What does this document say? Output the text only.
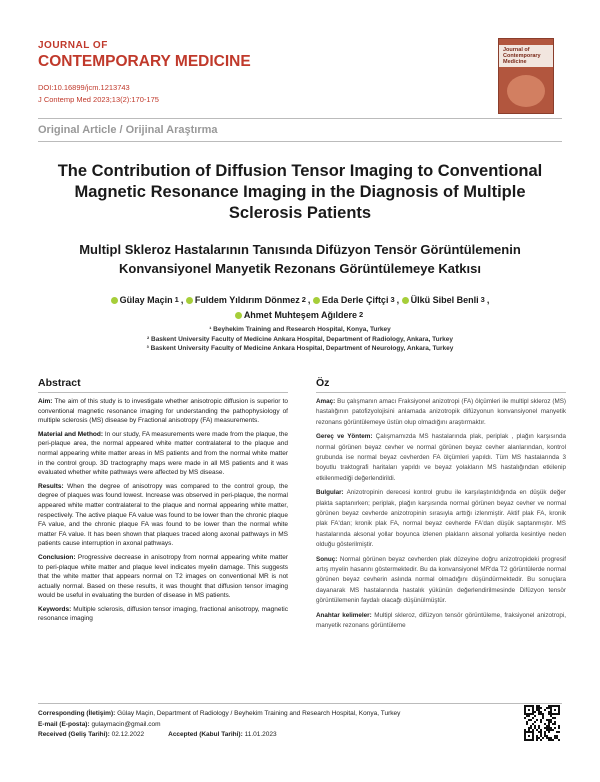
JOURNAL OF
CONTEMPORARY MEDICINE
DOI:10.16899/jcm.1213743
J Contemp Med 2023;13(2):170-175
Journal of Contemporary Medicine
Original Article / Orijinal Araştırma
The Contribution of Diffusion Tensor Imaging to Conventional Magnetic Resonance Imaging in the Diagnosis of Multiple Sclerosis Patients
Multipl Skleroz Hastalarının Tanısında Difüzyon Tensör Görüntülemenin Konvansiyonel Manyetik Rezonans Görüntülemeye Katkısı
Gülay Maçin 1 ,
Fuldem Yıldırım Dönmez 2 ,
Eda Derle Çiftçi 3 ,
Ülkü Sibel Benli 3 ,

Ahmet Muhteşem Ağıldere 2
¹ Beyhekim Training and Research Hospital, Konya, Turkey
² Baskent University Faculty of Medicine Ankara Hospital, Department of Radiology, Ankara, Turkey
³ Baskent University Faculty of Medicine Ankara Hospital, Department of Neurology, Ankara, Turkey
Abstract

Aim: The aim of this study is to investigate whether anisotropic diffusion is superior to conventional magnetic resonance imaging for understanding the pathophysiology of multiple sclerosis (MS) disease by Fractional anisotropy (FA) measurements.

Material and Method: In our study, FA measurements were made from the plaque, the peri-plaque area, the normal appeared white matter contralateral to the plaque and normal appearing white matter areas in MS patients and from the normal white matter in the control group. 3D tractography maps were made in all MS patients and it was evaluated whether white pathways were affected by MS disease.

Results: When the degree of anisotropy was compared to the control group, the degree of plaques was found lowest. Increase was observed in peri-plaque, the normal appeared white matter contralateral to the plaque and normal appearing white matter, respectively. The active plaque FA value was found to be lower than the chronic plaque FA value, and the chronic plaque FA was found to be lower than the normal white matter FA value. It has been shown that plaques traced along axonal pathways in MS patients cause interruption in axonal pathways.

Conclusion: Progressive decrease in anisotropy from normal appearing white matter to peri-plaque white matter and plaque level indicates myelin damage. This suggests that the white matter that appears normal on T2 images on conventional MR is not actually normal. Based on these results, it was thought that diffusion tensor imaging would be useful in evaluating the burden of disease in MS patients.

Keywords: Multiple sclerosis, diffusion tensor imaging, fractional anisotropy, magnetic resonance imaging

Öz

Amaç: Bu çalışmanın amacı Fraksiyonel anizotropi (FA) ölçümleri ile multipl skleroz (MS) hastalığının patofizyolojisini anlamada anizotropik difüzyonun konvansiyonel manyetik rezonans görüntülemeye üstün olup olmadığını araştırmaktır.

Gereç ve Yöntem: Çalışmamızda MS hastalarında plak, periplak , plağın karşısında normal görünen beyaz cevher ve normal görünen beyaz cevher alanlarından, kontrol grubunda ise normal beyaz cevherden FA ölçümleri yapıldı. Tüm MS hastalarında 3 boyutlu traktografi haritaları yapıldı ve beyaz yolakların MS hastalığından etkilenip etkilenmediği değerlendirildi.

Bulgular: Anizotropinin derecesi kontrol grubu ile karşılaştırıldığında en düşük değer plakta saptanırken; periplak, plağın karşısında normal görünen beyaz cevher ve normal görünen beyaz cevherde anizotropinin sırasıyla arttığı izlenmiştir. Aktif plak FA, kronik plak FA'dan; kronik plak FA, normal beyaz cevherde FA'dan düşük saptanmıştır. MS hastalarında aksonal yollar boyunca izlenen plakların aksonal yollarda kesintiye neden olduğu gösterilmiştir.

Sonuç: Normal görünen beyaz cevherden plak düzeyine doğru anizotropideki progresif artış myelin hasarını göstermektedir. Bu da konvansiyonel MR'da T2 görüntülerde normal görünen beyaz cevherin aslında normal olmadığını düşündürmektedir. Bu sonuçlara dayanarak MS hastalarında hastalık yükünün değerlendirilmesinde Difüzyon tensör görüntülemenin faydalı olacağı düşünülmüştür.

Anahtar kelimeler: Multipl skleroz, difüzyon tensör görüntüleme, fraksiyonel anizotropi, manyetik rezonans görüntüleme

Corresponding (İletişim): Gülay Maçin, Department of Radiology / Beyhekim Training and Research Hospital, Konya, Turkey
E-mail (E-posta): gulaymacin@gmail.com
Received (Geliş Tarihi): 02.12.2022	Accepted (Kabul Tarihi): 11.01.2023
